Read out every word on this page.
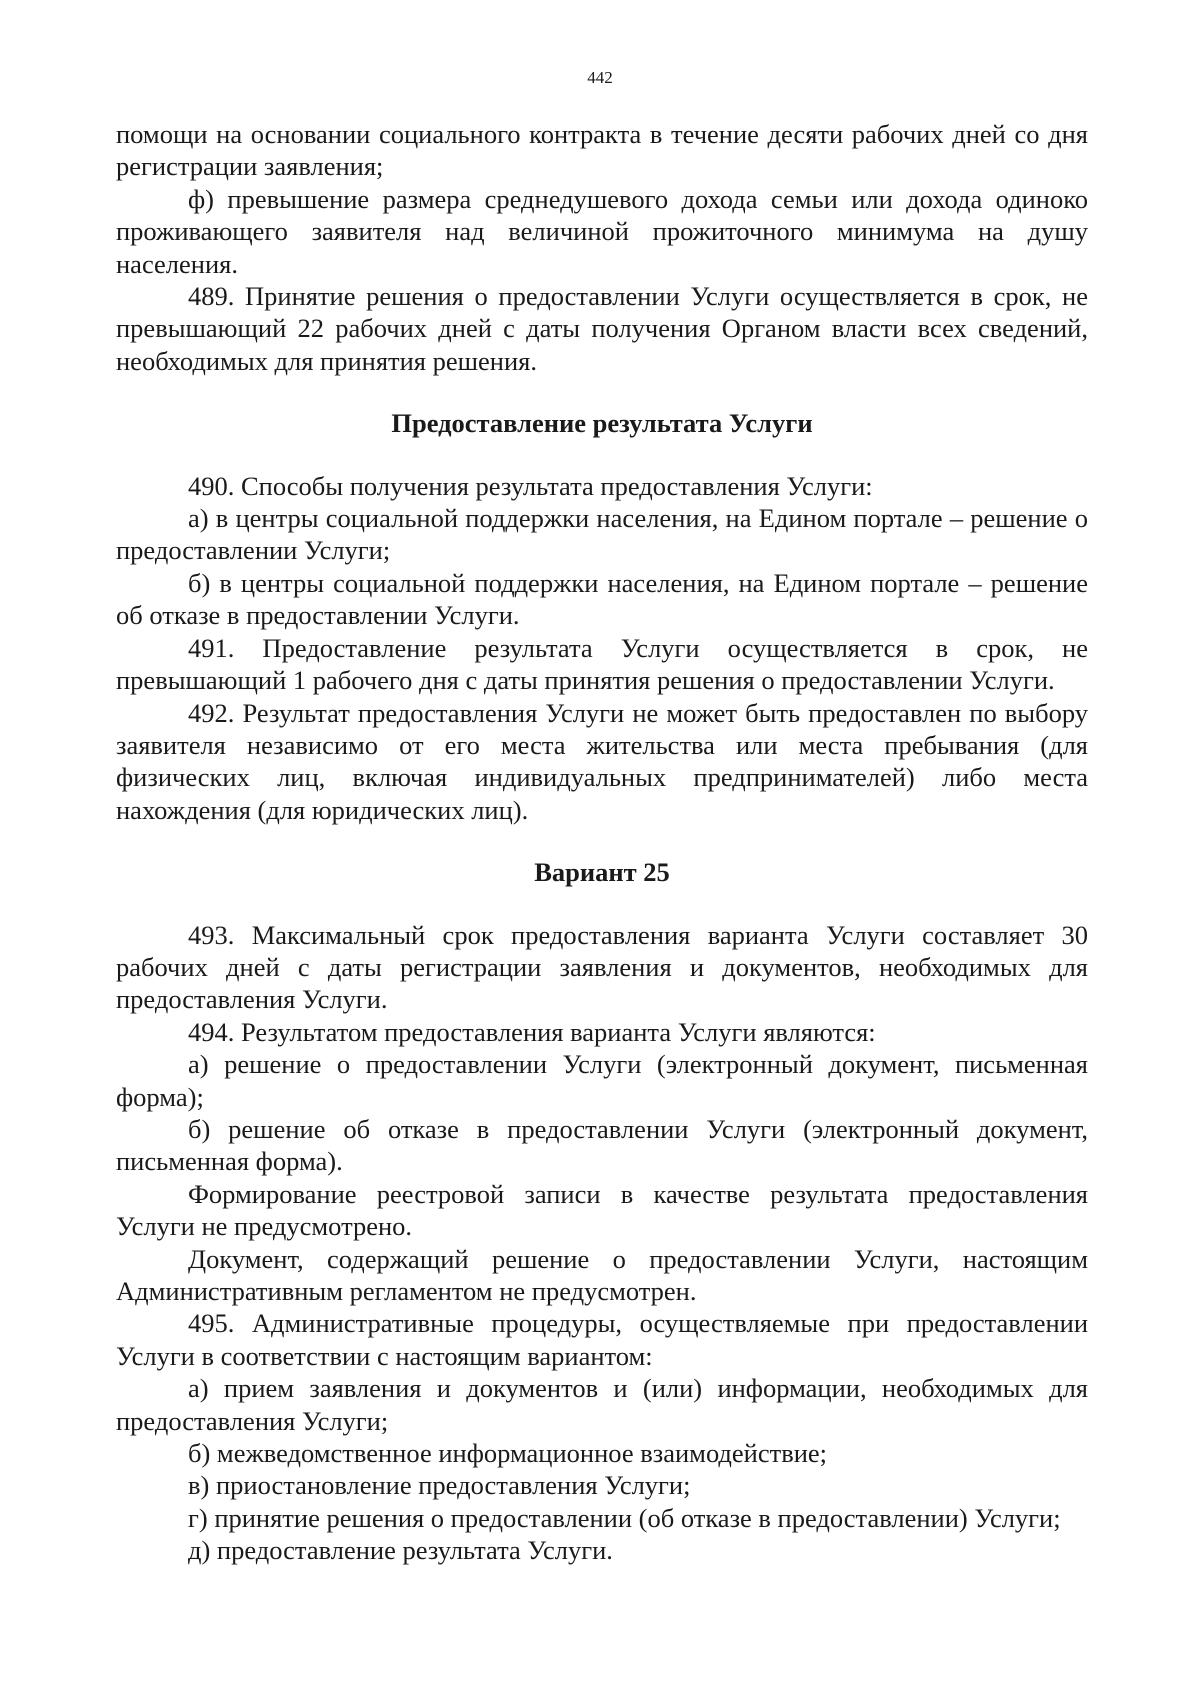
442

помощи на основании социального контракта в течение десяти рабочих дней со дня регистрации заявления;

ф) превышение размера среднедушевого дохода семьи или дохода одиноко проживающего заявителя над величиной прожиточного минимума на душу населения.

489. Принятие решения о предоставлении Услуги осуществляется в срок, не превышающий 22 рабочих дней с даты получения Органом власти всех сведений, необходимых для принятия решения.

Предоставление результата Услуги

490. Способы получения результата предоставления Услуги:

а) в центры социальной поддержки населения, на Едином портале – решение о предоставлении Услуги;

б) в центры социальной поддержки населения, на Едином портале – решение об отказе в предоставлении Услуги.

491. Предоставление результата Услуги осуществляется в срок, не превышающий 1 рабочего дня с даты принятия решения о предоставлении Услуги.

492. Результат предоставления Услуги не может быть предоставлен по выбору заявителя независимо от его места жительства или места пребывания (для физических лиц, включая индивидуальных предпринимателей) либо места нахождения (для юридических лиц).

Вариант 25

493. Максимальный срок предоставления варианта Услуги составляет 30 рабочих дней с даты регистрации заявления и документов, необходимых для предоставления Услуги.

494. Результатом предоставления варианта Услуги являются:

а) решение о предоставлении Услуги (электронный документ, письменная форма);

б) решение об отказе в предоставлении Услуги (электронный документ, письменная форма).

Формирование реестровой записи в качестве результата предоставления Услуги не предусмотрено.

Документ, содержащий решение о предоставлении Услуги, настоящим Административным регламентом не предусмотрен.

495. Административные процедуры, осуществляемые при предоставлении Услуги в соответствии с настоящим вариантом:

а) прием заявления и документов и (или) информации, необходимых для предоставления Услуги;

б) межведомственное информационное взаимодействие;

в) приостановление предоставления Услуги;

г) принятие решения о предоставлении (об отказе в предоставлении) Услуги;

д) предоставление результата Услуги.
